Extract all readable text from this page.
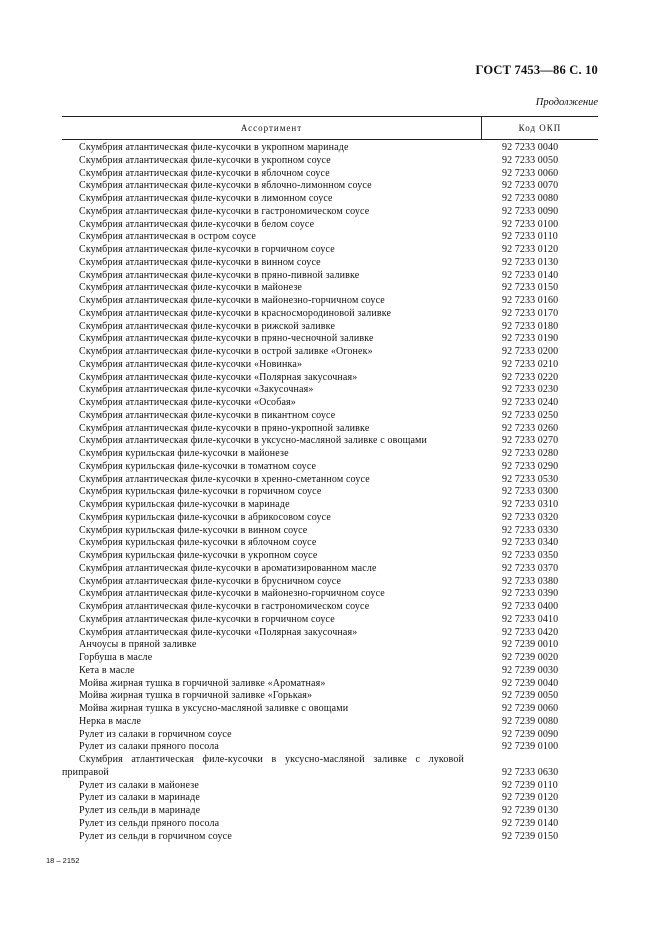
ГОСТ 7453—86 С. 10
Продолжение
Ассортимент	Код ОКП
Скумбрия атлантическая филе-кусочки в укропном маринаде	92 7233 0040
Скумбрия атлантическая филе-кусочки в укропном соусе	92 7233 0050
Скумбрия атлантическая филе-кусочки в яблочном соусе	92 7233 0060
Скумбрия атлантическая филе-кусочки в яблочно-лимонном соусе	92 7233 0070
Скумбрия атлантическая филе-кусочки в лимонном соусе	92 7233 0080
Скумбрия атлантическая филе-кусочки в гастрономическом соусе	92 7233 0090
Скумбрия атлантическая филе-кусочки в белом соусе	92 7233 0100
Скумбрия атлантическая в остром соусе	92 7233 0110
Скумбрия атлантическая филе-кусочки в горчичном соусе	92 7233 0120
Скумбрия атлантическая филе-кусочки в винном соусе	92 7233 0130
Скумбрия атлантическая филе-кусочки в пряно-пивной заливке	92 7233 0140
Скумбрия атлантическая филе-кусочки в майонезе	92 7233 0150
Скумбрия атлантическая филе-кусочки в майонезно-горчичном соусе	92 7233 0160
Скумбрия атлантическая филе-кусочки в красносмородиновой заливке	92 7233 0170
Скумбрия атлантическая филе-кусочки в рижской заливке	92 7233 0180
Скумбрия атлантическая филе-кусочки в пряно-чесночной заливке	92 7233 0190
Скумбрия атлантическая филе-кусочки в острой заливке «Огонек»	92 7233 0200
Скумбрия атлантическая филе-кусочки «Новинка»	92 7233 0210
Скумбрия атлантическая филе-кусочки «Полярная закусочная»	92 7233 0220
Скумбрия атлантическая филе-кусочки «Закусочная»	92 7233 0230
Скумбрия атлантическая филе-кусочки «Особая»	92 7233 0240
Скумбрия атлантическая филе-кусочки в пикантном соусе	92 7233 0250
Скумбрия атлантическая филе-кусочки в пряно-укропной заливке	92 7233 0260
Скумбрия атлантическая филе-кусочки в уксусно-масляной заливке с овощами	92 7233 0270
Скумбрия курильская филе-кусочки в майонезе	92 7233 0280
Скумбрия курильская филе-кусочки в томатном соусе	92 7233 0290
Скумбрия атлантическая филе-кусочки в хренно-сметанном соусе	92 7233 0530
Скумбрия курильская филе-кусочки в горчичном соусе	92 7233 0300
Скумбрия курильская филе-кусочки в маринаде	92 7233 0310
Скумбрия курильская филе-кусочки в абрикосовом соусе	92 7233 0320
Скумбрия курильская филе-кусочки в винном соусе	92 7233 0330
Скумбрия курильская филе-кусочки в яблочном соусе	92 7233 0340
Скумбрия курильская филе-кусочки в укропном соусе	92 7233 0350
Скумбрия атлантическая филе-кусочки в ароматизированном масле	92 7233 0370
Скумбрия атлантическая филе-кусочки в брусничном соусе	92 7233 0380
Скумбрия атлантическая филе-кусочки в майонезно-горчичном соусе	92 7233 0390
Скумбрия атлантическая филе-кусочки в гастрономическом соусе	92 7233 0400
Скумбрия атлантическая филе-кусочки в горчичном соусе	92 7233 0410
Скумбрия атлантическая филе-кусочки «Полярная закусочная»	92 7233 0420
Анчоусы в пряной заливке	92 7239 0010
Горбуша в масле	92 7239 0020
Кета в масле	92 7239 0030
Мойва жирная тушка в горчичной заливке «Ароматная»	92 7239 0040
Мойва жирная тушка в горчичной заливке «Горькая»	92 7239 0050
Мойва жирная тушка в уксусно-масляной заливке с овощами	92 7239 0060
Нерка в масле	92 7239 0080
Рулет из салаки в горчичном соусе	92 7239 0090
Рулет из салаки пряного посола	92 7239 0100
Скумбрия атлантическая филе-кусочки в уксусно-масляной заливке с луковой приправой	92 7233 0630
Рулет из салаки в майонезе	92 7239 0110
Рулет из салаки в маринаде	92 7239 0120
Рулет из сельди в маринаде	92 7239 0130
Рулет из сельди пряного посола	92 7239 0140
Рулет из сельди в горчичном соусе	92 7239 0150
18 – 2152
